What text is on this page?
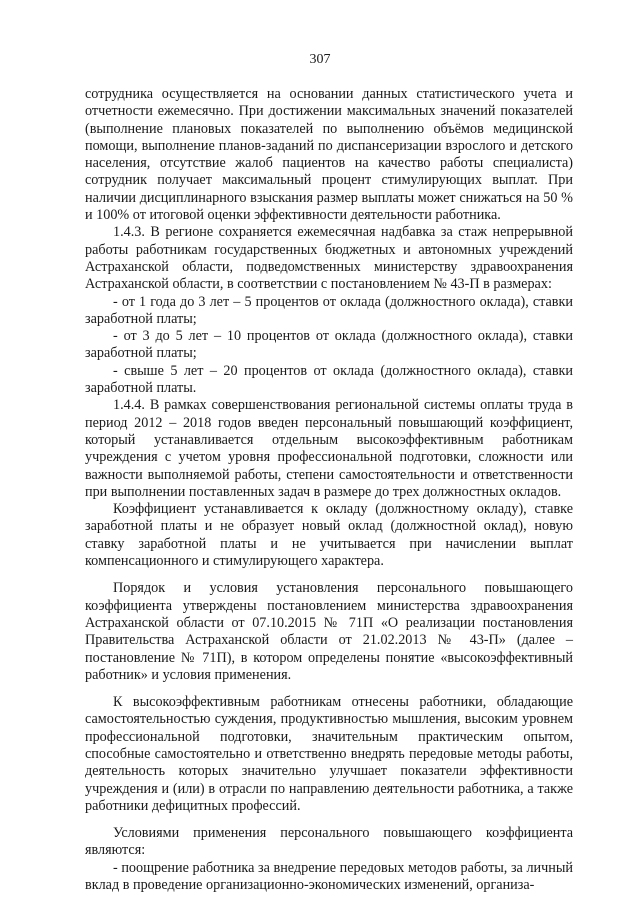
307

сотрудника осуществляется на основании данных статистического учета и отчетности ежемесячно. При достижении максимальных значений показателей (выполнение плановых показателей по выполнению объёмов медицинской помощи, выполнение планов-заданий по диспансеризации взрослого и детского населения, отсутствие жалоб пациентов на качество работы специалиста) сотрудник получает максимальный процент стимулирующих выплат. При наличии дисциплинарного взыскания размер выплаты может снижаться на 50 % и 100% от итоговой оценки эффективности деятельности работника.

1.4.3. В регионе сохраняется ежемесячная надбавка за стаж непрерывной работы работникам государственных бюджетных и автономных учреждений Астраханской области, подведомственных министерству здравоохранения Астраханской области, в соответствии с постановлением № 43-П в размерах:

- от 1 года до 3 лет – 5 процентов от оклада (должностного оклада), ставки заработной платы;

- от 3 до 5 лет – 10 процентов от оклада (должностного оклада), ставки заработной платы;

- свыше 5 лет – 20 процентов от оклада (должностного оклада), ставки заработной платы.

1.4.4. В рамках совершенствования региональной системы оплаты труда в период 2012 – 2018 годов введен персональный повышающий коэффициент, который устанавливается отдельным высокоэффективным работникам учреждения с учетом уровня профессиональной подготовки, сложности или важности выполняемой работы, степени самостоятельности и ответственности при выполнении поставленных задач в размере до трех должностных окладов.

Коэффициент устанавливается к окладу (должностному окладу), ставке заработной платы и не образует новый оклад (должностной оклад), новую ставку заработной платы и не учитывается при начислении выплат компенсационного и стимулирующего характера.

Порядок и условия установления персонального повышающего коэффициента утверждены постановлением министерства здравоохранения Астраханской области от 07.10.2015 № 71П «О реализации постановления Правительства Астраханской области от 21.02.2013 № 43-П» (далее – постановление № 71П), в котором определены понятие «высокоэффективный работник» и условия применения.

К высокоэффективным работникам отнесены работники, обладающие самостоятельностью суждения, продуктивностью мышления, высоким уровнем профессиональной подготовки, значительным практическим опытом, способные самостоятельно и ответственно внедрять передовые методы работы, деятельность которых значительно улучшает показатели эффективности учреждения и (или) в отрасли по направлению деятельности работника, а также работники дефицитных профессий.

Условиями применения персонального повышающего коэффициента являются:

- поощрение работника за внедрение передовых методов работы, за личный вклад в проведение организационно-экономических изменений, организа-
